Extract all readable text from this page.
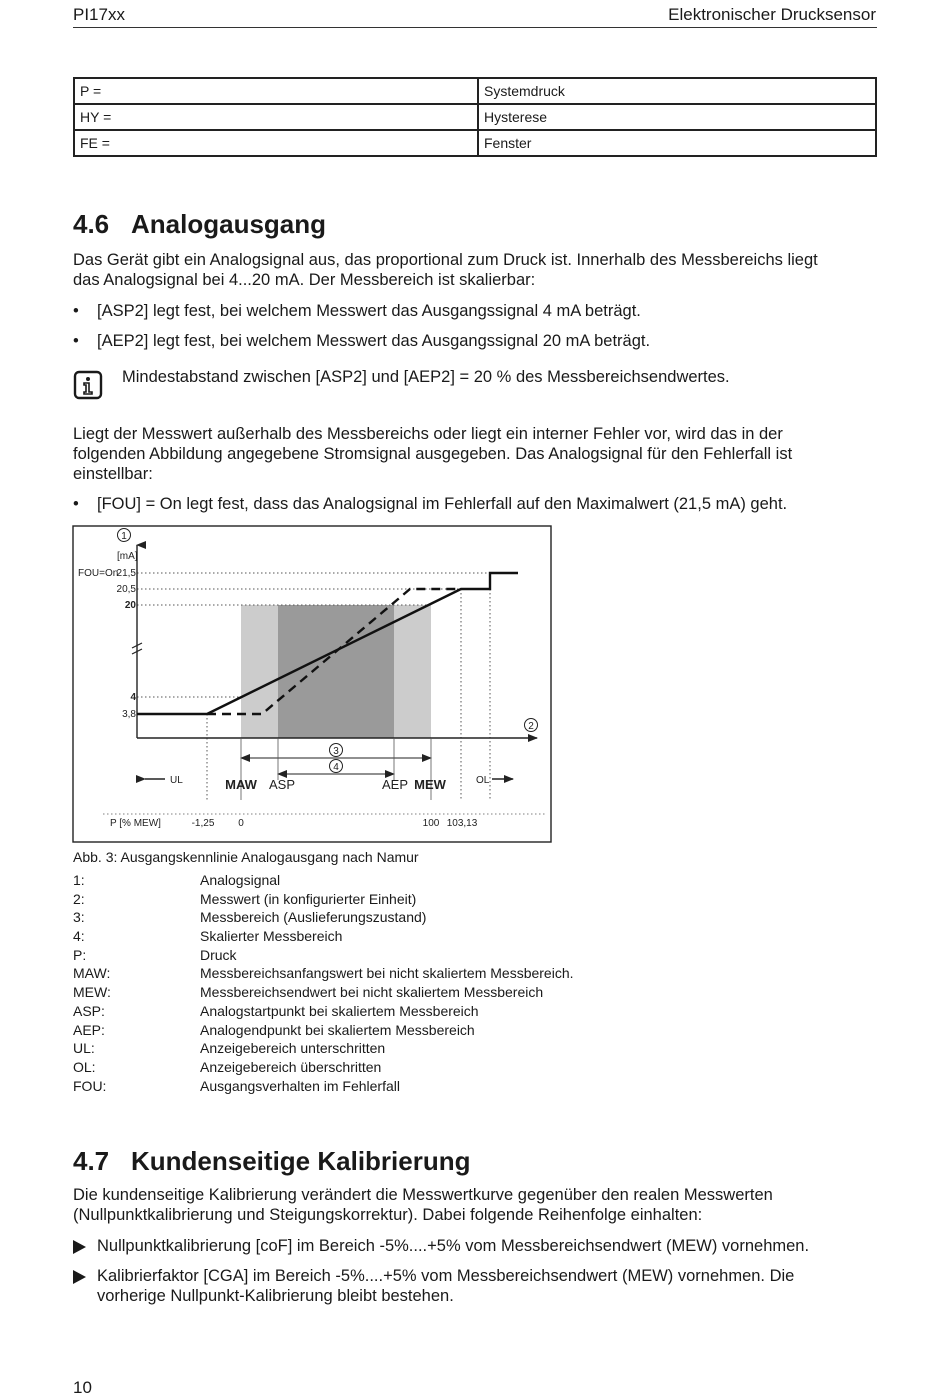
PI17xx	Elektronischer Drucksensor
P =	Systemdruck
HY =	Hysterese
FE =	Fenster
4.6 Analogausgang
Das Gerät gibt ein Analogsignal aus, das proportional zum Druck ist. Innerhalb des Messbereichs liegt
das Analogsignal bei 4...20 mA. Der Messbereich ist skalierbar:
• [ASP2] legt fest, bei welchem Messwert das Ausgangssignal 4 mA beträgt.
• [AEP2] legt fest, bei welchem Messwert das Ausgangssignal 20 mA beträgt.
Mindestabstand zwischen [ASP2] und [AEP2] = 20 % des Messbereichsendwertes.
Liegt der Messwert außerhalb des Messbereichs oder liegt ein interner Fehler vor, wird das in der
folgenden Abbildung angegebene Stromsignal ausgegeben. Das Analogsignal für den Fehlerfall ist
einstellbar:
• [FOU] = On legt fest, dass das Analogsignal im Fehlerfall auf den Maximalwert (21,5 mA) geht.
1
2
3
4
[mA]
FOU=On
21,5
20,5
20
4
3,8
UL	OL
MAW ASP	AEP MEW
P [% MEW]	-1,25 0	100 103,13
Abb. 3: Ausgangskennlinie Analogausgang nach Namur
1:	Analogsignal
2:	Messwert (in konfigurierter Einheit)
3:	Messbereich (Auslieferungszustand)
4:	Skalierter Messbereich
P:	Druck
MAW:	Messbereichsanfangswert bei nicht skaliertem Messbereich.
MEW:	Messbereichsendwert bei nicht skaliertem Messbereich
ASP:	Analogstartpunkt bei skaliertem Messbereich
AEP:	Analogendpunkt bei skaliertem Messbereich
UL:	Anzeigebereich unterschritten
OL:	Anzeigebereich überschritten
FOU:	Ausgangsverhalten im Fehlerfall
4.7 Kundenseitige Kalibrierung
Die kundenseitige Kalibrierung verändert die Messwertkurve gegenüber den realen Messwerten
(Nullpunktkalibrierung und Steigungskorrektur). Dabei folgende Reihenfolge einhalten:
Nullpunktkalibrierung [coF] im Bereich -5%....+5% vom Messbereichsendwert (MEW) vornehmen.
Kalibrierfaktor [CGA] im Bereich -5%....+5% vom Messbereichsendwert (MEW) vornehmen. Die
vorherige Nullpunkt-Kalibrierung bleibt bestehen.
10
